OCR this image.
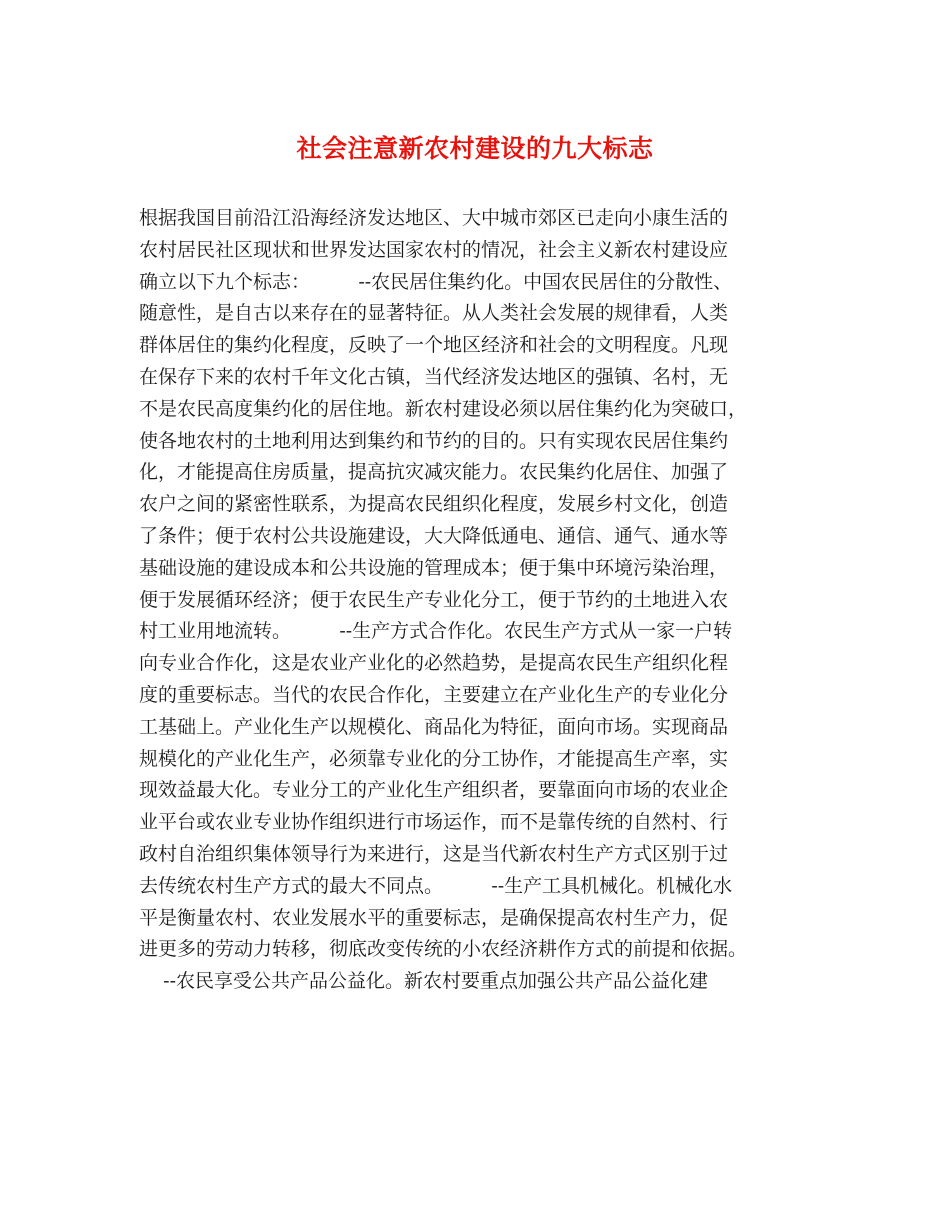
社会注意新农村建设的九大标志
根据我国目前沿江沿海经济发达地区、大中城市郊区已走向小康生活的
农村居民社区现状和世界发达国家农村的情况，社会主义新农村建设应
确立以下九个标志：        --农民居住集约化。中国农民居住的分散性、
随意性，是自古以来存在的显著特征。从人类社会发展的规律看，人类
群体居住的集约化程度，反映了一个地区经济和社会的文明程度。凡现
在保存下来的农村千年文化古镇，当代经济发达地区的强镇、名村，无
不是农民高度集约化的居住地。新农村建设必须以居住集约化为突破口，
使各地农村的土地利用达到集约和节约的目的。只有实现农民居住集约
化，才能提高住房质量，提高抗灾减灾能力。农民集约化居住、加强了
农户之间的紧密性联系，为提高农民组织化程度，发展乡村文化，创造
了条件；便于农村公共设施建设，大大降低通电、通信、通气、通水等
基础设施的建设成本和公共设施的管理成本；便于集中环境污染治理，
便于发展循环经济；便于农民生产专业化分工，便于节约的土地进入农
村工业用地流转。        --生产方式合作化。农民生产方式从一家一户转
向专业合作化，这是农业产业化的必然趋势，是提高农民生产组织化程
度的重要标志。当代的农民合作化，主要建立在产业化生产的专业化分
工基础上。产业化生产以规模化、商品化为特征，面向市场。实现商品
规模化的产业化生产，必须靠专业化的分工协作，才能提高生产率，实
现效益最大化。专业分工的产业化生产组织者，要靠面向市场的农业企
业平台或农业专业协作组织进行市场运作，而不是靠传统的自然村、行
政村自治组织集体领导行为来进行，这是当代新农村生产方式区别于过
去传统农村生产方式的最大不同点。        --生产工具机械化。机械化水
平是衡量农村、农业发展水平的重要标志，是确保提高农村生产力，促
进更多的劳动力转移，彻底改变传统的小农经济耕作方式的前提和依据。
--农民享受公共产品公益化。新农村要重点加强公共产品公益化建
